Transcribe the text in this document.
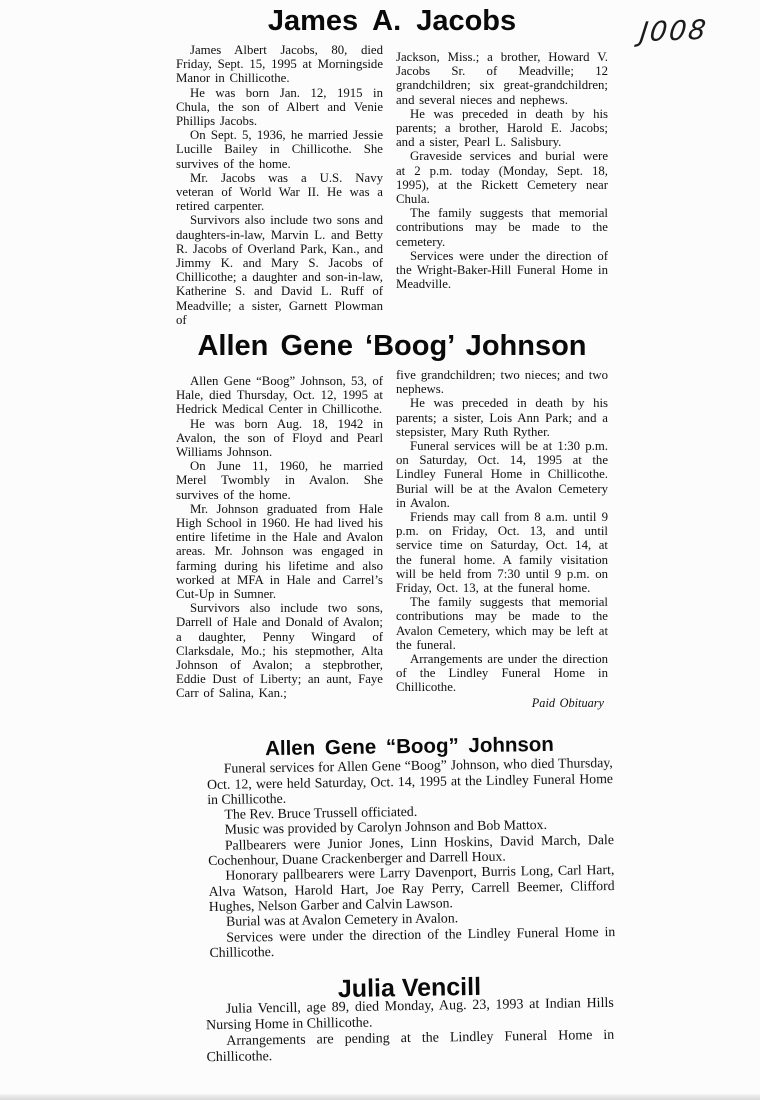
J008
James A. Jacobs

James Albert Jacobs, 80, died Friday, Sept. 15, 1995 at Morningside Manor in Chillicothe.

He was born Jan. 12, 1915 in Chula, the son of Albert and Venie Phillips Jacobs.

On Sept. 5, 1936, he married Jessie Lucille Bailey in Chillicothe. She survives of the home.

Mr. Jacobs was a U.S. Navy veteran of World War II. He was a retired carpenter.

Survivors also include two sons and daughters-in-law, Marvin L. and Betty R. Jacobs of Overland Park, Kan., and Jimmy K. and Mary S. Jacobs of Chillicothe; a daughter and son-in-law, Katherine S. and David L. Ruff of Meadville; a sister, Garnett Plowman of

Jackson, Miss.; a brother, Howard V. Jacobs Sr. of Meadville; 12 grandchildren; six great-grandchildren; and several nieces and nephews.

He was preceded in death by his parents; a brother, Harold E. Jacobs; and a sister, Pearl L. Salisbury.

Graveside services and burial were at 2 p.m. today (Monday, Sept. 18, 1995), at the Rickett Cemetery near Chula.

The family suggests that memorial contributions may be made to the cemetery.

Services were under the direction of the Wright-Baker-Hill Funeral Home in Meadville.

Allen Gene ‘Boog’ Johnson

Allen Gene “Boog” Johnson, 53, of Hale, died Thursday, Oct. 12, 1995 at Hedrick Medical Center in Chillicothe.

He was born Aug. 18, 1942 in Avalon, the son of Floyd and Pearl Williams Johnson.

On June 11, 1960, he married Merel Twombly in Avalon. She survives of the home.

Mr. Johnson graduated from Hale High School in 1960. He had lived his entire lifetime in the Hale and Avalon areas. Mr. Johnson was engaged in farming during his lifetime and also worked at MFA in Hale and Carrel’s Cut-Up in Sumner.

Survivors also include two sons, Darrell of Hale and Donald of Avalon; a daughter, Penny Wingard of Clarksdale, Mo.; his stepmother, Alta Johnson of Avalon; a stepbrother, Eddie Dust of Liberty; an aunt, Faye Carr of Salina, Kan.;

five grandchildren; two nieces; and two nephews.

He was preceded in death by his parents; a sister, Lois Ann Park; and a stepsister, Mary Ruth Ryther.

Funeral services will be at 1:30 p.m. on Saturday, Oct. 14, 1995 at the Lindley Funeral Home in Chillicothe. Burial will be at the Avalon Cemetery in Avalon.

Friends may call from 8 a.m. until 9 p.m. on Friday, Oct. 13, and until service time on Saturday, Oct. 14, at the funeral home. A family visitation will be held from 7:30 until 9 p.m. on Friday, Oct. 13, at the funeral home.

The family suggests that memorial contributions may be made to the Avalon Cemetery, which may be left at the funeral.

Arrangements are under the direction of the Lindley Funeral Home in Chillicothe.

Paid Obituary
Allen Gene “Boog” Johnson

Funeral services for Allen Gene “Boog” Johnson, who died Thursday, Oct. 12, were held Saturday, Oct. 14, 1995 at the Lindley Funeral Home in Chillicothe.

The Rev. Bruce Trussell officiated.

Music was provided by Carolyn Johnson and Bob Mattox.

Pallbearers were Junior Jones, Linn Hoskins, David March, Dale Cochenhour, Duane Crackenberger and Darrell Houx.

Honorary pallbearers were Larry Davenport, Burris Long, Carl Hart, Alva Watson, Harold Hart, Joe Ray Perry, Carrell Beemer, Clifford Hughes, Nelson Garber and Calvin Lawson.

Burial was at Avalon Cemetery in Avalon.

Services were under the direction of the Lindley Funeral Home in Chillicothe.

Julia Vencill

Julia Vencill, age 89, died Monday, Aug. 23, 1993 at Indian Hills Nursing Home in Chillicothe.

Arrangements are pending at the Lindley Funeral Home in Chillicothe.
